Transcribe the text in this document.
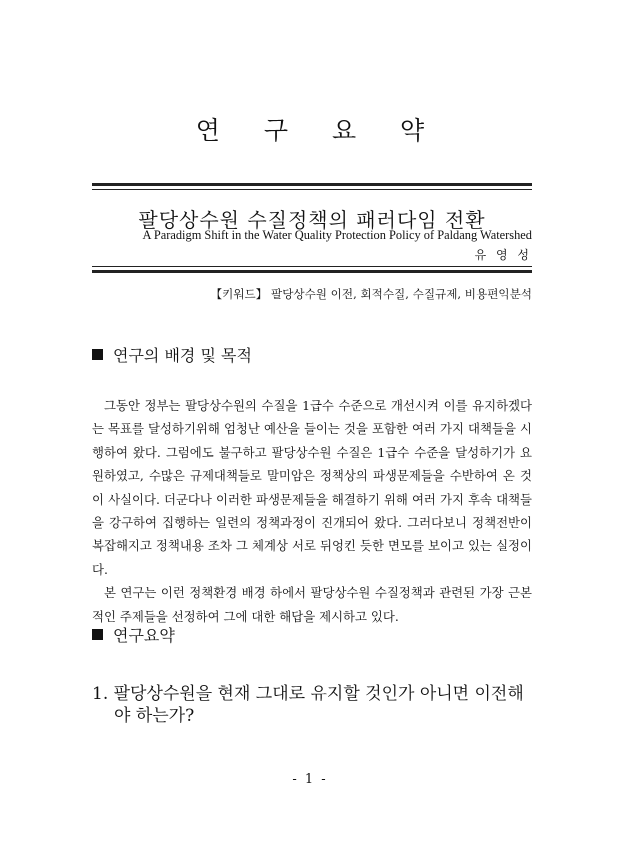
연 구 요 약
팔당상수원 수질정책의 패러다임 전환
A Paradigm Shift in the Water Quality Protection Policy of Paldang Watershed
유 영 성
【키워드】 팔당상수원 이전, 회적수질, 수질규제, 비용편익분석
연구의 배경 및 목적

그동안 정부는 팔당상수원의 수질을 1급수 수준으로 개선시켜 이를 유지하겠다는 목표를 달성하기위해 엄청난 예산을 들이는 것을 포함한 여러 가지 대책들을 시행하여 왔다. 그럼에도 불구하고 팔당상수원 수질은 1급수 수준을 달성하기가 요원하였고, 수많은 규제대책들로 말미암은 정책상의 파생문제들을 수반하여 온 것이 사실이다. 더군다나 이러한 파생문제들을 해결하기 위해 여러 가지 후속 대책들을 강구하여 집행하는 일련의 정책과정이 진개되어 왔다. 그러다보니 정책전반이 복잡해지고 정책내용 조차 그 체계상 서로 뒤엉킨 듯한 면모를 보이고 있는 실정이다.

본 연구는 이런 정책환경 배경 하에서 팔당상수원 수질정책과 관련된 가장 근본적인 주제들을 선정하여 그에 대한 해답을 제시하고 있다.

연구요약
1. 팔당상수원을 현재 그대로 유지할 것인가 아니면 이전해야 하는가?
- 1 -
